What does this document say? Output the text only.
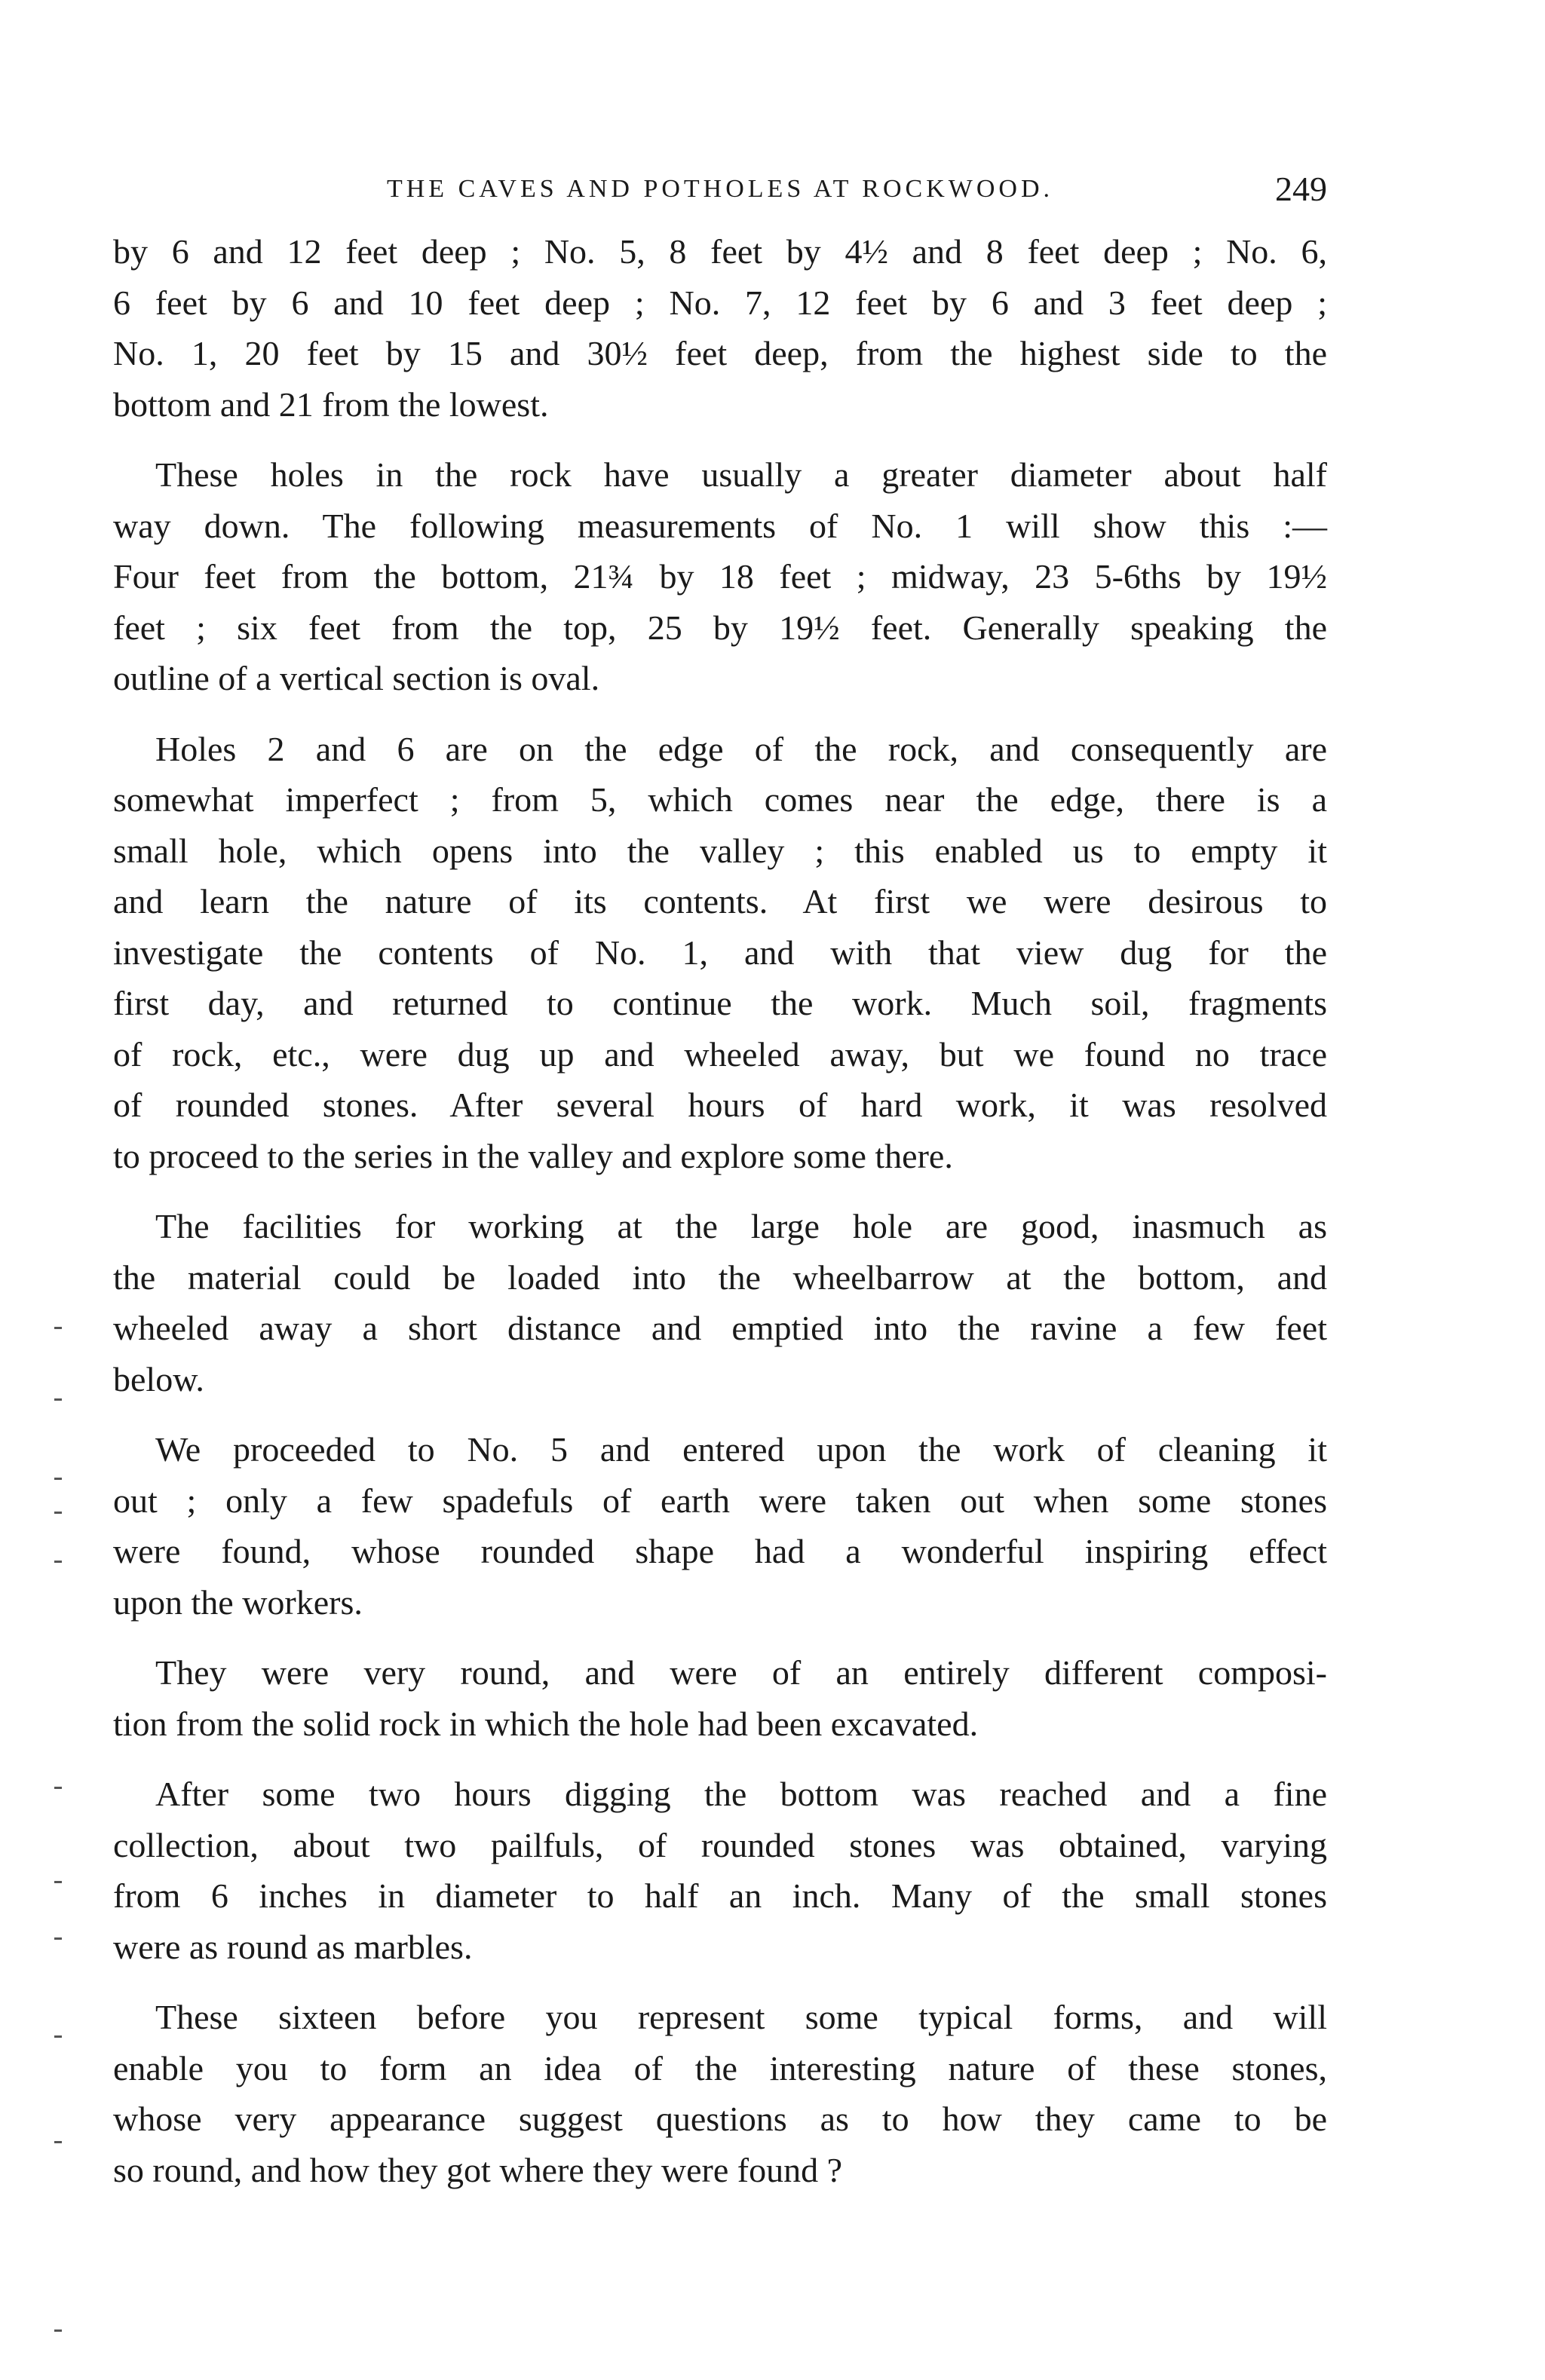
THE CAVES AND POTHOLES AT ROCKWOOD.	249
by 6 and 12 feet deep ; No. 5, 8 feet by 4½ and 8 feet deep ; No. 6,
6 feet by 6 and 10 feet deep ; No. 7, 12 feet by 6 and 3 feet deep ;
No. 1, 20 feet by 15 and 30½ feet deep, from the highest side to the
bottom and 21 from the lowest.
These holes in the rock have usually a greater diameter about half
way down. The following measurements of No. 1 will show this :—
Four feet from the bottom, 21¾ by 18 feet ; midway, 23 5-6ths by 19½
feet ; six feet from the top, 25 by 19½ feet. Generally speaking the
outline of a vertical section is oval.
Holes 2 and 6 are on the edge of the rock, and consequently are
somewhat imperfect ; from 5, which comes near the edge, there is a
small hole, which opens into the valley ; this enabled us to empty it
and learn the nature of its contents. At first we were desirous to
investigate the contents of No. 1, and with that view dug for the
first day, and returned to continue the work. Much soil, fragments
of rock, etc., were dug up and wheeled away, but we found no trace
of rounded stones. After several hours of hard work, it was resolved
to proceed to the series in the valley and explore some there.
The facilities for working at the large hole are good, inasmuch as
the material could be loaded into the wheelbarrow at the bottom, and
wheeled away a short distance and emptied into the ravine a few feet
below.
We proceeded to No. 5 and entered upon the work of cleaning it
out ; only a few spadefuls of earth were taken out when some stones
were found, whose rounded shape had a wonderful inspiring effect
upon the workers.
They were very round, and were of an entirely different composi-
tion from the solid rock in which the hole had been excavated.
After some two hours digging the bottom was reached and a fine
collection, about two pailfuls, of rounded stones was obtained, varying
from 6 inches in diameter to half an inch. Many of the small stones
were as round as marbles.
These sixteen before you represent some typical forms, and will
enable you to form an idea of the interesting nature of these stones,
whose very appearance suggest questions as to how they came to be
so round, and how they got where they were found ?
